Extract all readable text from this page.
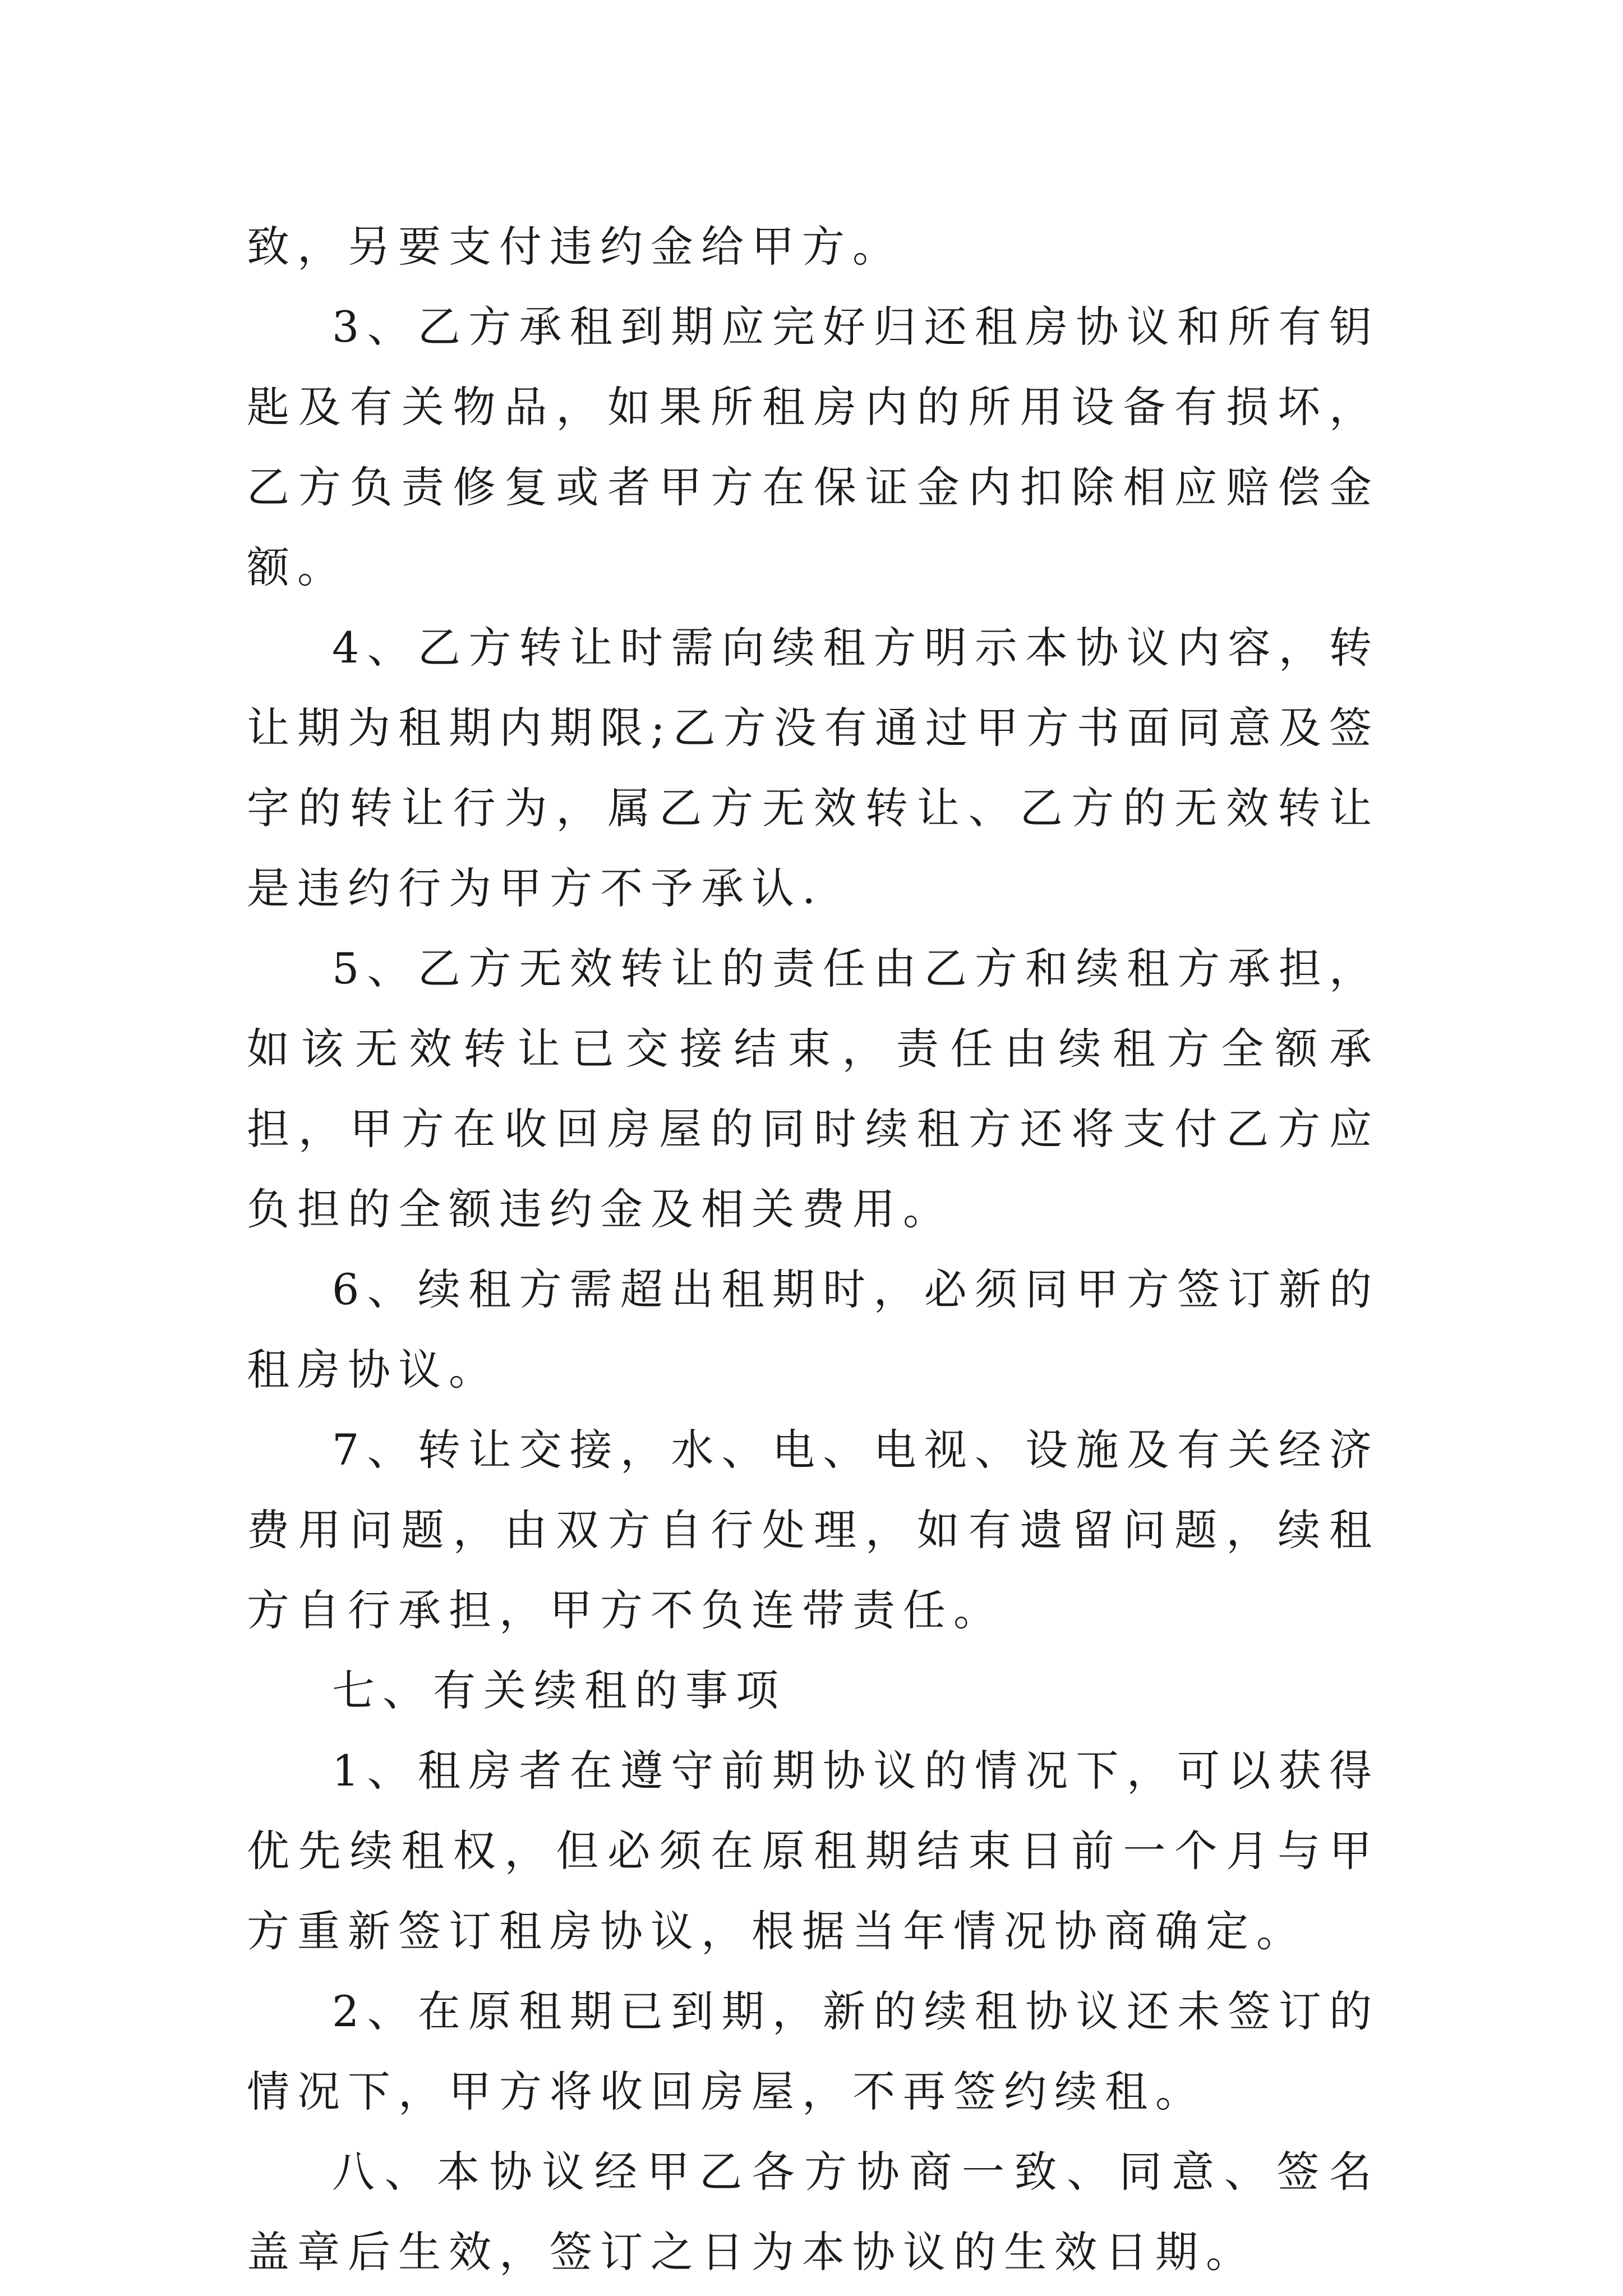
致，另要支付违约金给甲方。

3、乙方承租到期应完好归还租房协议和所有钥匙及有关物品，如果所租房内的所用设备有损坏，乙方负责修复或者甲方在保证金内扣除相应赔偿金额。

4、乙方转让时需向续租方明示本协议内容，转让期为租期内期限;乙方没有通过甲方书面同意及签字的转让行为，属乙方无效转让、乙方的无效转让是违约行为甲方不予承认.

5、乙方无效转让的责任由乙方和续租方承担，如该无效转让已交接结束，责任由续租方全额承担，甲方在收回房屋的同时续租方还将支付乙方应负担的全额违约金及相关费用。

6、续租方需超出租期时，必须同甲方签订新的租房协议。

7、转让交接，水、电、电视、设施及有关经济费用问题，由双方自行处理，如有遗留问题，续租方自行承担，甲方不负连带责任。

七、有关续租的事项

1、租房者在遵守前期协议的情况下，可以获得优先续租权，但必须在原租期结束日前一个月与甲方重新签订租房协议，根据当年情况协商确定。

2、在原租期已到期，新的续租协议还未签订的情况下，甲方将收回房屋，不再签约续租。

八、本协议经甲乙各方协商一致、同意、签名盖章后生效，签订之日为本协议的生效日期。
